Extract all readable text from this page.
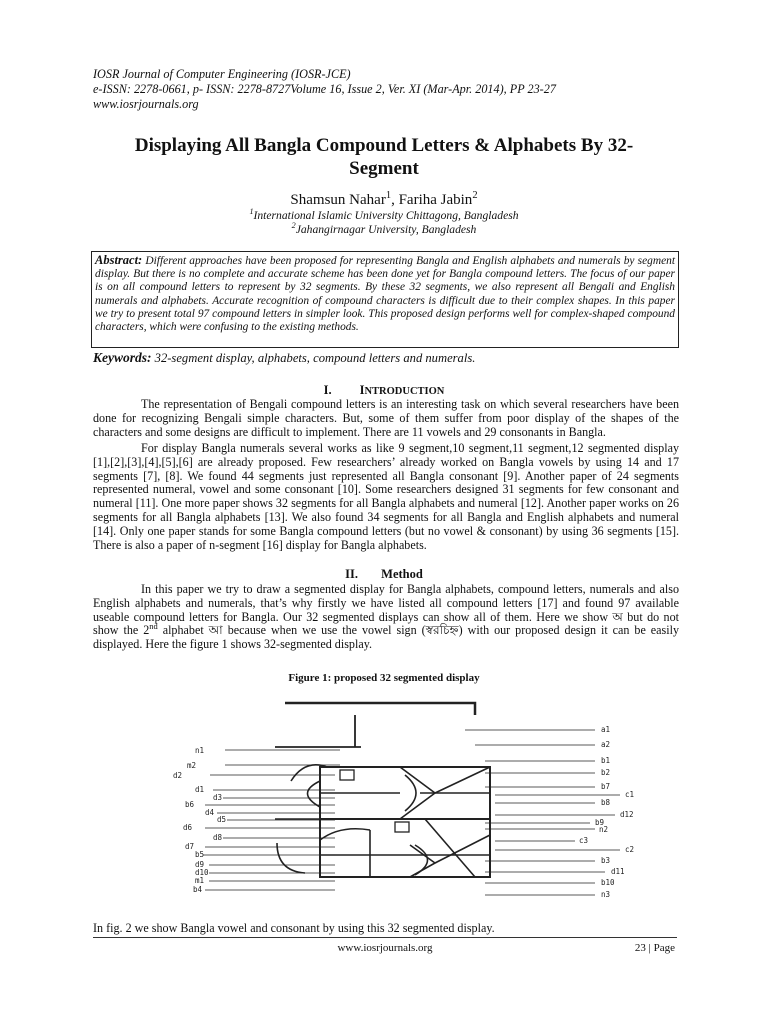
IOSR Journal of Computer Engineering (IOSR-JCE)
e-ISSN: 2278-0661, p- ISSN: 2278-8727Volume 16, Issue 2, Ver. XI (Mar-Apr. 2014), PP 23-27
www.iosrjournals.org
Displaying All Bangla Compound Letters & Alphabets By 32-
Segment
Shamsun Nahar$^1$, Fariha Jabin$^2$
$^1$International Islamic University Chittagong, Bangladesh
$^2$Jahangirnagar University, Bangladesh
Abstract: Different approaches have been proposed for representing Bangla and English alphabets and numerals by segment display. But there is no complete and accurate scheme has been done yet for Bangla compound letters. The focus of our paper is on all compound letters to represent by 32 segments. By these 32 segments, we also represent all Bengali and English numerals and alphabets. Accurate recognition of compound characters is difficult due to their complex shapes. In this paper we try to present total 97 compound letters in simpler look. This proposed design performs well for complex-shaped compound characters, which were confusing to the existing methods.
Keywords: 32-segment display, alphabets, compound letters and numerals.
I. INTRODUCTION
The representation of Bengali compound letters is an interesting task on which several researchers have been done for recognizing Bengali simple characters. But, some of them suffer from poor display of the shapes of the characters and some designs are difficult to implement. There are 11 vowels and 29 consonants in Bangla.
For display Bangla numerals several works as like 9 segment,10 segment,11 segment,12 segmented display [1],[2],[3],[4],[5],[6] are already proposed. Few researchers’ already worked on Bangla vowels by using 14 and 17 segments [7], [8]. We found 44 segments just represented all Bangla consonant [9]. Another paper of 24 segments represented numeral, vowel and some consonant [10]. Some researchers designed 31 segments for few consonant and numeral [11]. One more paper shows 32 segments for all Bangla alphabets and numeral [12]. Another paper works on 26 segments for all Bangla alphabets [13]. We also found 34 segments for all Bangla and English alphabets and numeral [14]. Only one paper stands for some Bangla compound letters (but no vowel & consonant) by using 36 segments [15]. There is also a paper of n-segment [16] display for Bangla alphabets.
II. Method
In this paper we try to draw a segmented display for Bangla alphabets, compound letters, numerals and also English alphabets and numerals, that’s why firstly we have listed all compound letters [17] and found 97 available useable compound letters for Bangla. Our 32 segmented displays can show all of them. Here we show অ but do not show the 2nd alphabet আ because when we use the vowel sign (স্বরচিহ্ন) with our proposed design it can be easily displayed. Here the figure 1 shows 32-segmented display.
Figure 1: proposed 32 segmented display
n1
m2
d2
d1
d3
b6
d4
d5
d6
d8
d7
b5
d9
d10
m1
b4
a1
a2
b1
b2
b7
c1
b8
d12
b9
n2
c3
c2
b3
d11
b10
n3
In fig. 2 we show Bangla vowel and consonant by using this 32 segmented display.
www.iosrjournals.org	23 | Page
